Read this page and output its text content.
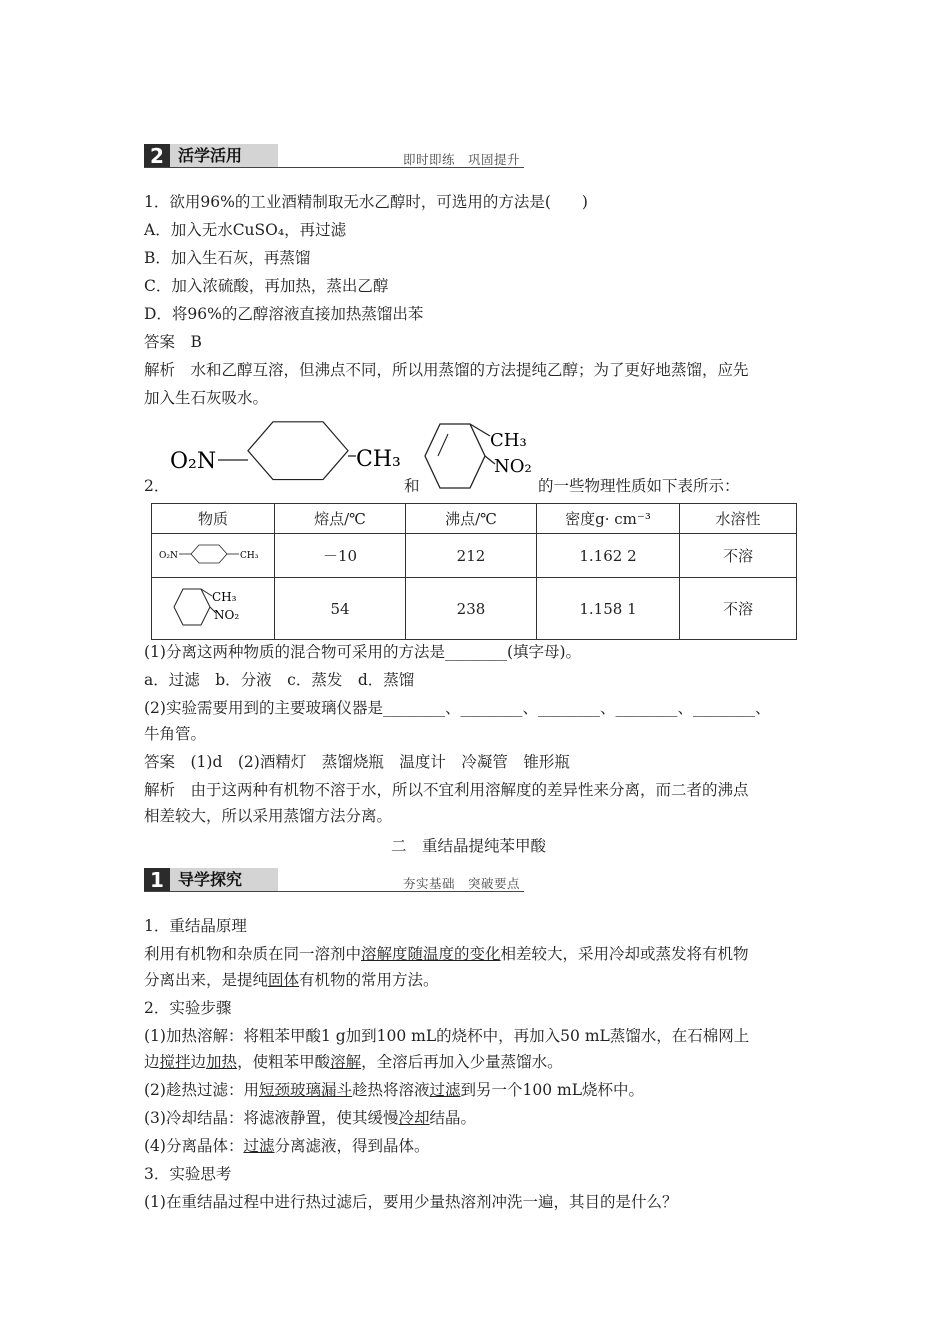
2 活学活用	即时即练　巩固提升
1．欲用96%的工业酒精制取无水乙醇时，可选用的方法是(　　)
A．加入无水CuSO₄，再过滤
B．加入生石灰，再蒸馏
C．加入浓硫酸，再加热，蒸出乙醇
D．将96%的乙醇溶液直接加热蒸馏出苯
答案　B
解析　水和乙醇互溶，但沸点不同，所以用蒸馏的方法提纯乙醇；为了更好地蒸馏，应先
加入生石灰吸水。
2．
O₂N	CH₃
和
CH₃
NO₂
的一些物理性质如下表所示：
物质	熔点/℃	沸点/℃	密度g· cm⁻³	水溶性

O₂N CH₃	－10	212	1.162 2	不溶

CH₃
NO₂	54	238	1.158 1	不溶
(1)分离这两种物质的混合物可采用的方法是________(填字母)。
a．过滤　b．分液　c．蒸发　d．蒸馏
(2)实验需要用到的主要玻璃仪器是________、________、________、________、________、
牛角管。
答案　(1)d　(2)酒精灯　蒸馏烧瓶　温度计　冷凝管　锥形瓶
解析　由于这两种有机物不溶于水，所以不宜利用溶解度的差异性来分离，而二者的沸点
相差较大，所以采用蒸馏方法分离。
二　重结晶提纯苯甲酸
1 导学探究	夯实基础　突破要点
1．重结晶原理
利用有机物和杂质在同一溶剂中溶解度随温度的变化相差较大，采用冷却或蒸发将有机物
分离出来，是提纯固体有机物的常用方法。
2．实验步骤
(1)加热溶解：将粗苯甲酸1 g加到100 mL的烧杯中，再加入50 mL蒸馏水，在石棉网上
边搅拌边加热，使粗苯甲酸溶解，全溶后再加入少量蒸馏水。
(2)趁热过滤：用短颈玻璃漏斗趁热将溶液过滤到另一个100 mL烧杯中。
(3)冷却结晶：将滤液静置，使其缓慢冷却结晶。
(4)分离晶体：过滤分离滤液，得到晶体。
3．实验思考
(1)在重结晶过程中进行热过滤后，要用少量热溶剂冲洗一遍，其目的是什么？
